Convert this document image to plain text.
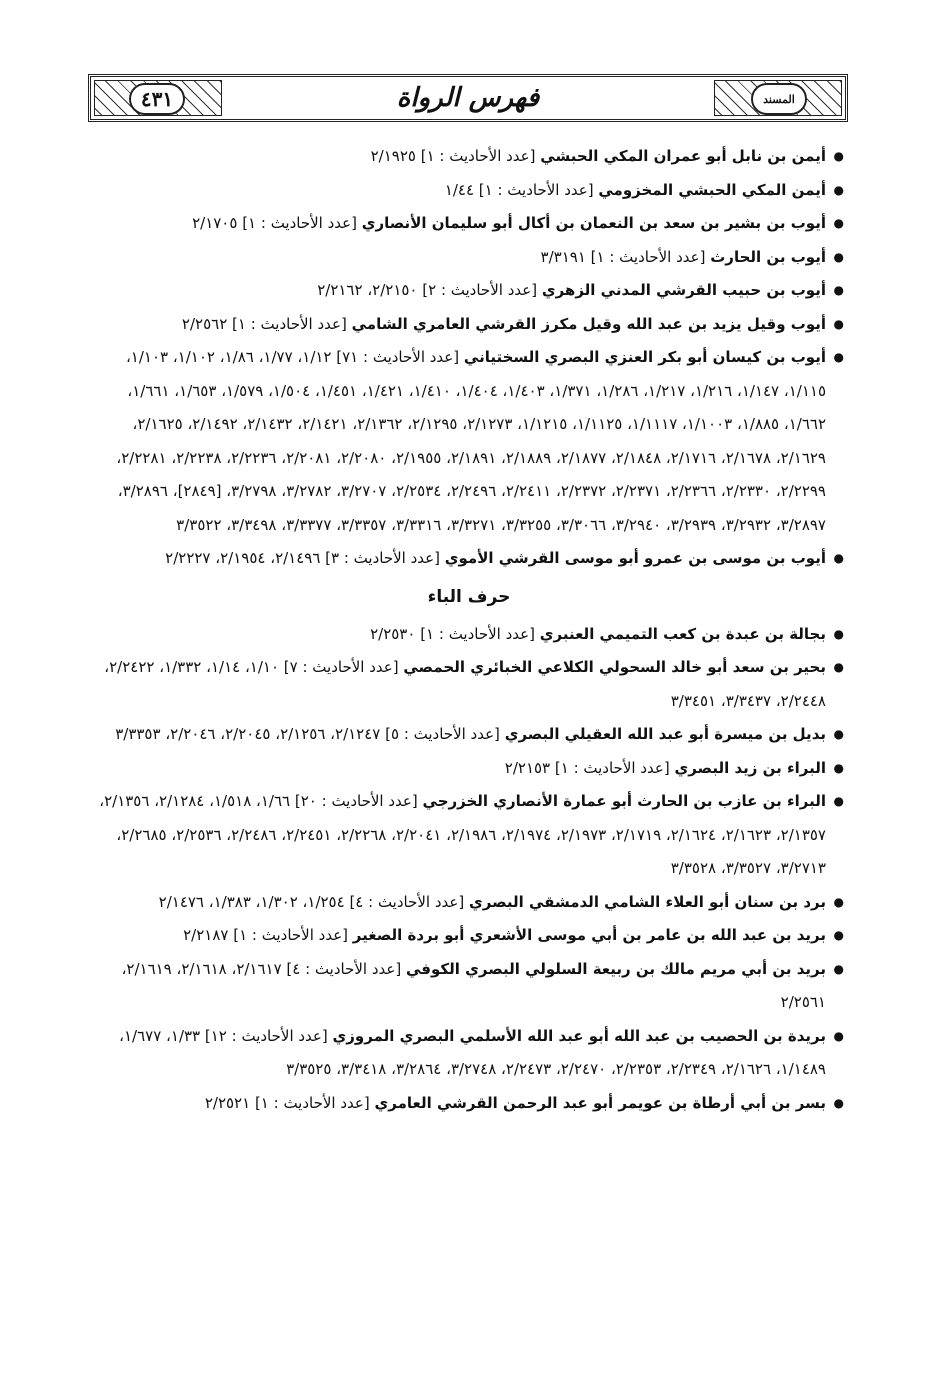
المسند
فهرس الرواة
٤٣١
●
أيمن بن نابل أبو عمران المكي الحبشي [عدد الأحاديث : ١] ٢/١٩٢٥
●
أيمن المكي الحبشي المخزومي [عدد الأحاديث : ١] ١/٤٤
●
أيوب بن بشير بن سعد بن النعمان بن أكال أبو سليمان الأنصاري [عدد الأحاديث : ١] ٢/١٧٠٥
●
أيوب بن الحارث [عدد الأحاديث : ١] ٣/٣١٩١
●
أيوب بن حبيب القرشي المدني الزهري [عدد الأحاديث : ٢] ٢/٢١٥٠، ٢/٢١٦٢
●
أيوب وقيل يزيد بن عبد الله وقيل مكرز القرشي العامري الشامي [عدد الأحاديث : ١] ٢/٢٥٦٢
●
أيوب بن كيسان أبو بكر العنزي البصري السختياني [عدد الأحاديث : ٧١] ١/١٢، ١/٧٧، ١/٨٦، ١/١٠٢، ١/١٠٣، ١/١١٥، ١/١٤٧، ١/٢١٦، ١/٢١٧، ١/٢٨٦، ١/٣٧١، ١/٤٠٣، ١/٤٠٤، ١/٤١٠، ١/٤٢١، ١/٤٥١، ١/٥٠٤، ١/٥٧٩، ١/٦٥٣، ١/٦٦١، ١/٦٦٢، ١/٨٨٥، ١/١٠٠٣، ١/١١١٧، ١/١١٢٥، ١/١٢١٥، ٢/١٢٧٣، ٢/١٢٩٥، ٢/١٣٦٢، ٢/١٤٢١، ٢/١٤٣٢، ٢/١٤٩٢، ٢/١٦٢٥، ٢/١٦٢٩، ٢/١٦٧٨، ٢/١٧١٦، ٢/١٨٤٨، ٢/١٨٧٧، ٢/١٨٨٩، ٢/١٨٩١، ٢/١٩٥٥، ٢/٢٠٨٠، ٢/٢٠٨١، ٢/٢٢٣٦، ٢/٢٢٣٨، ٢/٢٢٨١، ٢/٢٢٩٩، ٢/٢٣٣٠، ٢/٢٣٦٦، ٢/٢٣٧١، ٢/٢٣٧٢، ٢/٢٤١١، ٢/٢٤٩٦، ٢/٢٥٣٤، ٣/٢٧٠٧، ٣/٢٧٨٢، ٣/٢٧٩٨، [٢٨٤٩]، ٣/٢٨٩٦، ٣/٢٨٩٧، ٣/٢٩٣٢، ٣/٢٩٣٩، ٣/٢٩٤٠، ٣/٣٠٦٦، ٣/٣٢٥٥، ٣/٣٢٧١، ٣/٣٣١٦، ٣/٣٣٥٧، ٣/٣٣٧٧، ٣/٣٤٩٨، ٣/٣٥٢٢
●
أيوب بن موسى بن عمرو أبو موسى القرشي الأموي [عدد الأحاديث : ٣] ٢/١٤٩٦، ٢/١٩٥٤، ٢/٢٢٢٧
حرف الباء
●
بجالة بن عبدة بن كعب التميمي العنبري [عدد الأحاديث : ١] ٢/٢٥٣٠
●
بحير بن سعد أبو خالد السحولي الكلاعي الخبائري الحمصي [عدد الأحاديث : ٧] ١/١٠، ١/١٤، ١/٣٣٢، ٢/٢٤٢٢، ٢/٢٤٤٨، ٣/٣٤٣٧، ٣/٣٤٥١
●
بديل بن ميسرة أبو عبد الله العقيلي البصري [عدد الأحاديث : ٥] ٢/١٢٤٧، ٢/١٢٥٦، ٢/٢٠٤٥، ٢/٢٠٤٦، ٣/٣٣٥٣
●
البراء بن زيد البصري [عدد الأحاديث : ١] ٢/٢١٥٣
●
البراء بن عازب بن الحارث أبو عمارة الأنصاري الخزرجي [عدد الأحاديث : ٢٠] ١/٦٦، ١/٥١٨، ٢/١٢٨٤، ٢/١٣٥٦، ٢/١٣٥٧، ٢/١٦٢٣، ٢/١٦٢٤، ٢/١٧١٩، ٢/١٩٧٣، ٢/١٩٧٤، ٢/١٩٨٦، ٢/٢٠٤١، ٢/٢٢٦٨، ٢/٢٤٥١، ٢/٢٤٨٦، ٢/٢٥٣٦، ٢/٢٦٨٥، ٣/٢٧١٣، ٣/٣٥٢٧، ٣/٣٥٢٨
●
برد بن سنان أبو العلاء الشامي الدمشقي البصري [عدد الأحاديث : ٤] ١/٢٥٤، ١/٣٠٢، ١/٣٨٣، ٢/١٤٧٦
●
بريد بن عبد الله بن عامر بن أبي موسى الأشعري أبو بردة الصغير [عدد الأحاديث : ١] ٢/٢١٨٧
●
بريد بن أبي مريم مالك بن ربيعة السلولي البصري الكوفي [عدد الأحاديث : ٤] ٢/١٦١٧، ٢/١٦١٨، ٢/١٦١٩، ٢/٢٥٦١
●
بريدة بن الحصيب بن عبد الله أبو عبد الله الأسلمي البصري المروزي [عدد الأحاديث : ١٢] ١/٣٣، ١/٦٧٧، ١/١٤٨٩، ٢/١٦٢٦، ٢/٢٣٤٩، ٢/٢٣٥٣، ٢/٢٤٧٠، ٢/٢٤٧٣، ٣/٢٧٤٨، ٣/٢٨٦٤، ٣/٣٤١٨، ٣/٣٥٢٥
●
بسر بن أبي أرطاة بن عويمر أبو عبد الرحمن القرشي العامري [عدد الأحاديث : ١] ٢/٢٥٢١
